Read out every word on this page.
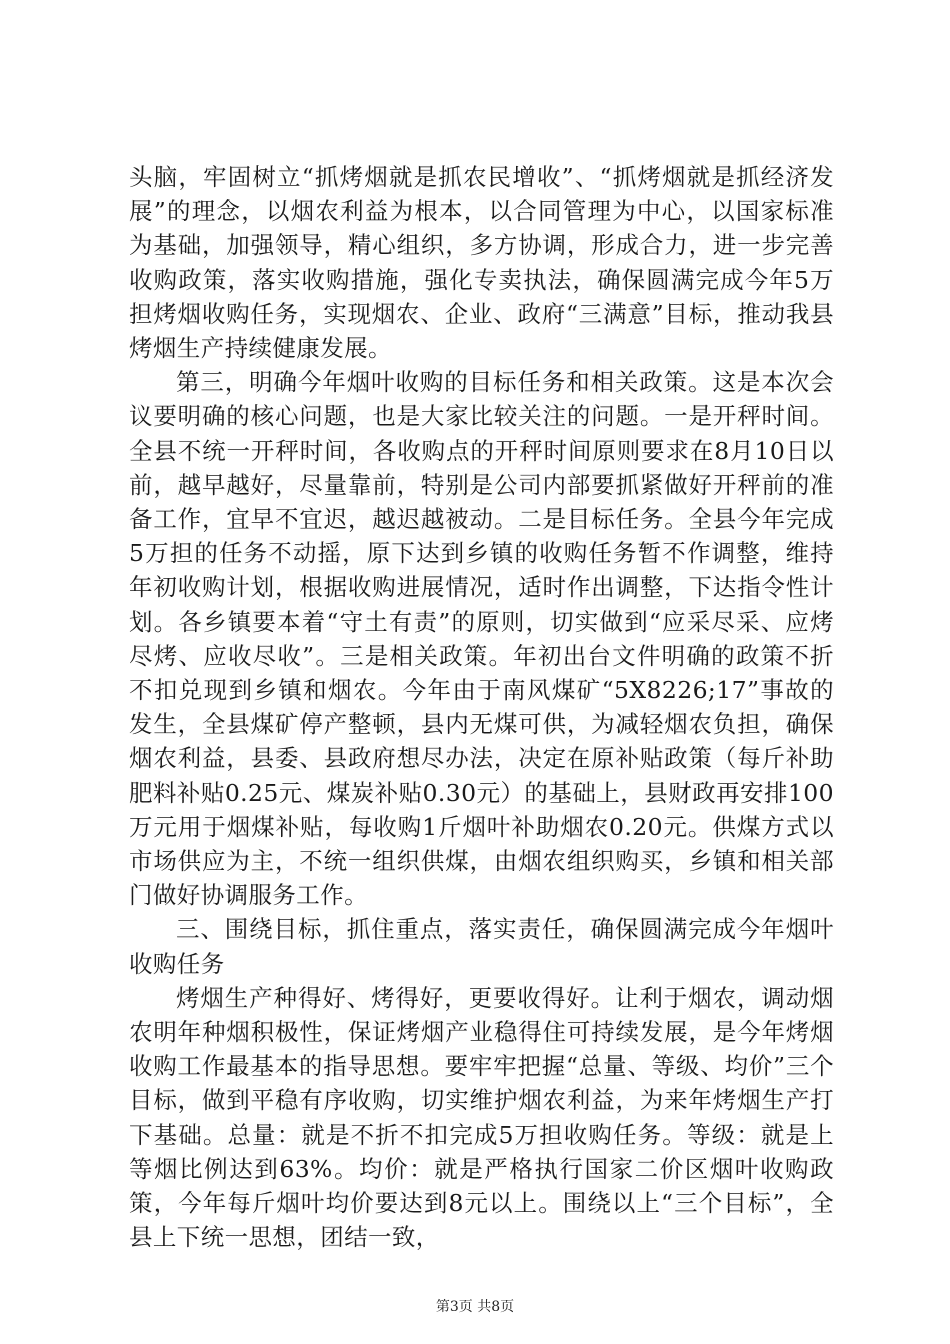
头脑，牢固树立“抓烤烟就是抓农民增收”、“抓烤烟就是抓经济发展”的理念，以烟农利益为根本，以合同管理为中心，以国家标准为基础，加强领导，精心组织，多方协调，形成合力，进一步完善收购政策，落实收购措施，强化专卖执法，确保圆满完成今年5万担烤烟收购任务，实现烟农、企业、政府“三满意”目标，推动我县烤烟生产持续健康发展。

第三，明确今年烟叶收购的目标任务和相关政策。这是本次会议要明确的核心问题，也是大家比较关注的问题。一是开秤时间。全县不统一开秤时间，各收购点的开秤时间原则要求在8月10日以前，越早越好，尽量靠前，特别是公司内部要抓紧做好开秤前的准备工作，宜早不宜迟，越迟越被动。二是目标任务。全县今年完成5万担的任务不动摇，原下达到乡镇的收购任务暂不作调整，维持年初收购计划，根据收购进展情况，适时作出调整，下达指令性计划。各乡镇要本着“守土有责”的原则，切实做到“应采尽采、应烤尽烤、应收尽收”。三是相关政策。年初出台文件明确的政策不折不扣兑现到乡镇和烟农。今年由于南风煤矿“5X8226;17”事故的发生，全县煤矿停产整顿，县内无煤可供，为减轻烟农负担，确保烟农利益，县委、县政府想尽办法，决定在原补贴政策（每斤补助肥料补贴0.25元、煤炭补贴0.30元）的基础上，县财政再安排100万元用于烟煤补贴，每收购1斤烟叶补助烟农0.20元。供煤方式以市场供应为主，不统一组织供煤，由烟农组织购买，乡镇和相关部门做好协调服务工作。

三、围绕目标，抓住重点，落实责任，确保圆满完成今年烟叶收购任务

烤烟生产种得好、烤得好，更要收得好。让利于烟农，调动烟农明年种烟积极性，保证烤烟产业稳得住可持续发展，是今年烤烟收购工作最基本的指导思想。要牢牢把握“总量、等级、均价”三个目标，做到平稳有序收购，切实维护烟农利益，为来年烤烟生产打下基础。总量：就是不折不扣完成5万担收购任务。等级：就是上等烟比例达到63%。均价：就是严格执行国家二价区烟叶收购政策，今年每斤烟叶均价要达到8元以上。围绕以上“三个目标”，全县上下统一思想，团结一致，

第3页 共8页
